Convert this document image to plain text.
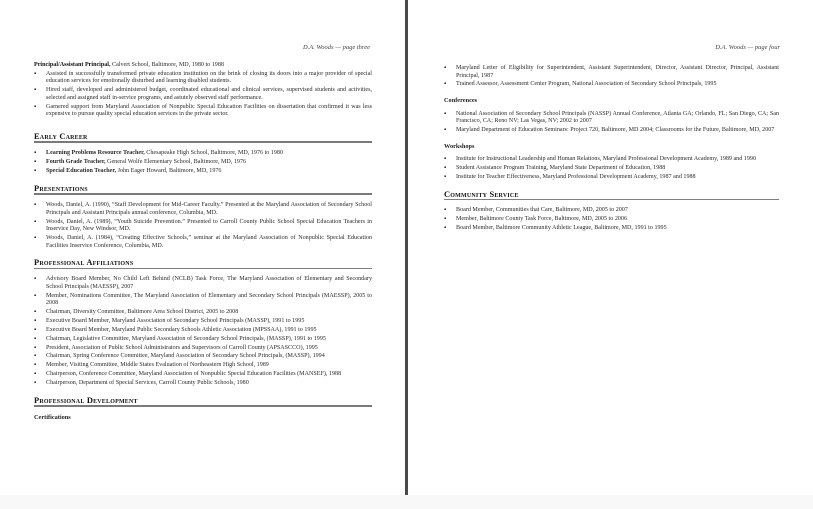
D.A. Woods — page three
Principal/Assistant Principal, Calvert School, Baltimore, MD, 1980 to 1988
▪ Assisted in successfully transformed private education institution on the brink of closing its doors into a major provider of special education services for emotionally disturbed and learning disabled students.
▪ Hired staff, developed and administered budget, coordinated educational and clinical services, supervised students and activities, selected and assigned staff in-service programs, and astutely observed staff performance.
▪ Garnered support from Maryland Association of Nonpublic Special Education Facilities on dissertation that confirmed it was less expensive to pursue quality special education services in the private sector.
Early Career
▪ Learning Problems Resource Teacher, Chesapeake High School, Baltimore, MD, 1976 to 1980
▪ Fourth Grade Teacher, General Wolfe Elementary School, Baltimore, MD, 1976
▪ Special Education Teacher, John Eager Howard, Baltimore, MD, 1976
Presentations
▪ Woods, Daniel, A. (1990), “Staff Development for Mid-Career Faculty.” Presented at the Maryland Association of Secondary School Principals and Assistant Principals annual conference, Columbia, MD.
▪ Woods, Daniel, A. (1989), “Youth Suicide Prevention.” Presented to Carroll County Public School Special Education Teachers in Inservice Day, New Windsor, MD.
▪ Woods, Daniel, A. (1984), “Creating Effective Schools,” seminar at the Maryland Association of Nonpublic Special Education Facilities Inservice Conference, Columbia, MD.
Professional Affiliations
▪ Advisory Board Member, No Child Left Behind (NCLB) Task Force, The Maryland Association of Elementary and Secondary School Principals (MAESSP), 2007
▪ Member, Nominations Committee, The Maryland Association of Elementary and Secondary School Principals (MAESSP), 2005 to 2008
▪ Chairman, Diversity Committee, Baltimore Area School District, 2005 to 2008
▪ Executive Board Member, Maryland Association of Secondary School Principals (MASSP), 1991 to 1995
▪ Executive Board Member, Maryland Public Secondary Schools Athletic Association (MPSSAA), 1991 to 1995
▪ Chairman, Legislative Committee, Maryland Association of Secondary School Principals, (MASSP), 1991 to 1995
▪ President, Association of Public School Administrators and Supervisors of Carroll County (APSASCCO), 1995
▪ Chairman, Spring Conference Committee, Maryland Association of Secondary School Principals, (MASSP), 1994
▪ Member, Visiting Committee, Middle States Evaluation of Northeastern High School, 1989
▪ Chairperson, Conference Committee, Maryland Association of Nonpublic Special Education Facilities (MANSEF), 1988
▪ Chairperson, Department of Special Services, Carroll County Public Schools, 1980
Professional Development
Certifications
D.A. Woods — page four
▪ Maryland Letter of Eligibility for Superintendent, Assistant Superintendent, Director, Assistant Director, Principal, Assistant Principal, 1987
▪ Trained Assessor, Assessment Center Program, National Association of Secondary School Principals, 1995
Conferences
▪ National Association of Secondary School Principals (NASSP) Annual Conference, Atlanta GA; Orlando, FL; San Diego, CA; San Francisco, CA; Reno NV; Las Vegas, NV; 2002 to 2007
▪ Maryland Department of Education Seminars: Project 720, Baltimore, MD 2004; Classrooms for the Future, Baltimore, MD, 2007
Workshops
▪ Institute for Instructional Leadership and Human Relations, Maryland Professional Development Academy, 1989 and 1990
▪ Student Assistance Program Training, Maryland State Department of Education, 1988
▪ Institute for Teacher Effectiveness, Maryland Professional Development Academy, 1987 and 1988
Community Service
▪ Board Member, Communities that Care, Baltimore, MD, 2005 to 2007
▪ Member, Baltimore County Task Force, Baltimore, MD, 2005 to 2006
▪ Board Member, Baltimore Community Athletic League, Baltimore, MD, 1991 to 1995
